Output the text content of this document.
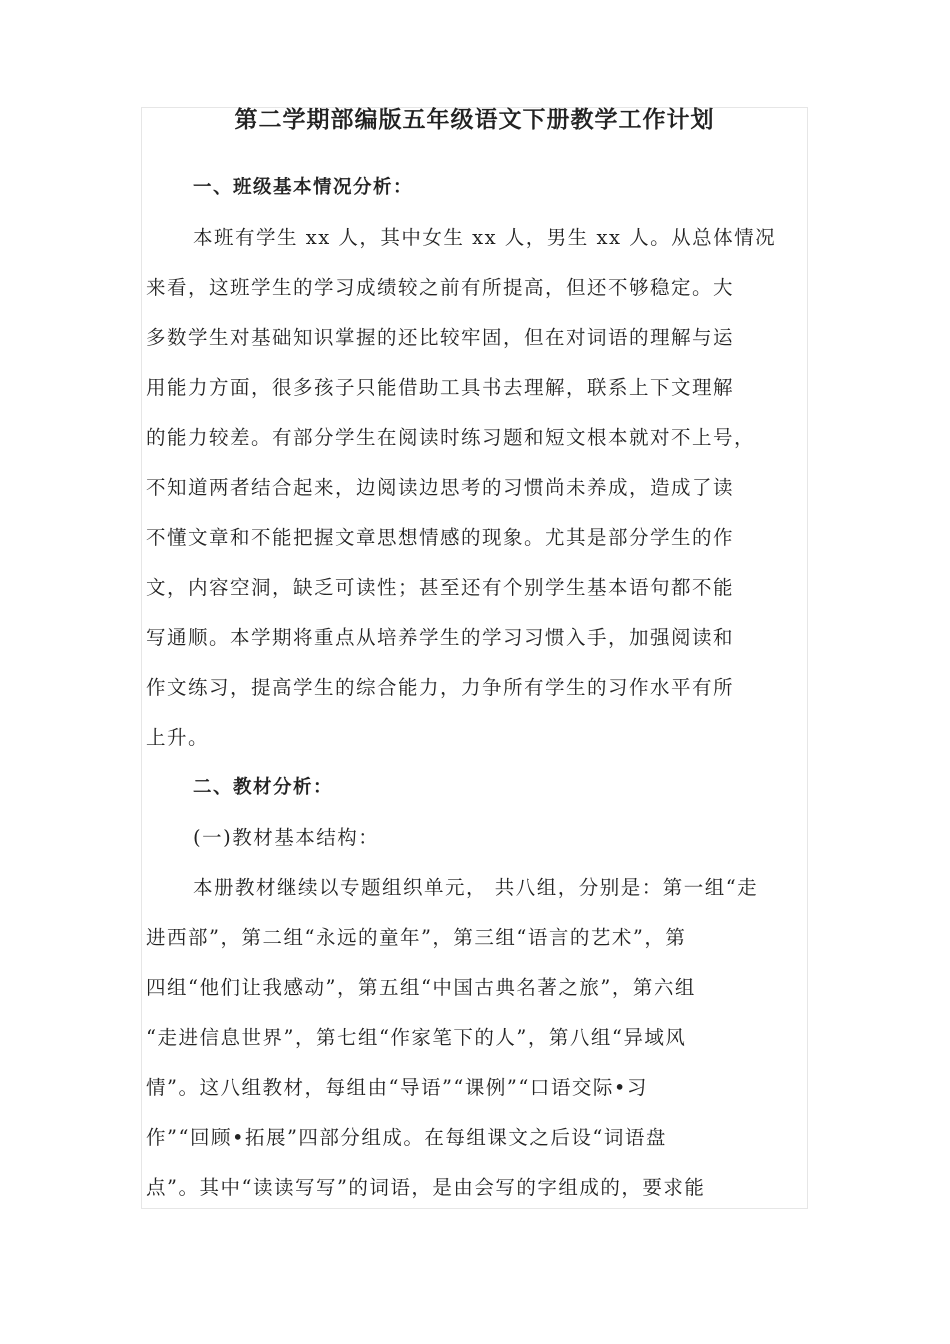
第二学期部编版五年级语文下册教学工作计划
一、班级基本情况分析：
本班有学生 xx 人，其中女生 xx 人，男生 xx 人。从总体情况
来看，这班学生的学习成绩较之前有所提高，但还不够稳定。大
多数学生对基础知识掌握的还比较牢固，但在对词语的理解与运
用能力方面，很多孩子只能借助工具书去理解，联系上下文理解
的能力较差。有部分学生在阅读时练习题和短文根本就对不上号，
不知道两者结合起来，边阅读边思考的习惯尚未养成，造成了读
不懂文章和不能把握文章思想情感的现象。尤其是部分学生的作
文，内容空洞，缺乏可读性；甚至还有个别学生基本语句都不能
写通顺。本学期将重点从培养学生的学习习惯入手，加强阅读和
作文练习，提高学生的综合能力，力争所有学生的习作水平有所
上升。
二、教材分析：
(一)教材基本结构：
本册教材继续以专题组织单元， 共八组，分别是：第一组“走
进西部”，第二组“永远的童年”，第三组“语言的艺术”，第
四组“他们让我感动”，第五组“中国古典名著之旅”，第六组
“走进信息世界”，第七组“作家笔下的人”，第八组“异域风
情”。这八组教材，每组由“导语”“课例”“口语交际•习
作”“回顾•拓展”四部分组成。在每组课文之后设“词语盘
点”。其中“读读写写”的词语，是由会写的字组成的，要求能
